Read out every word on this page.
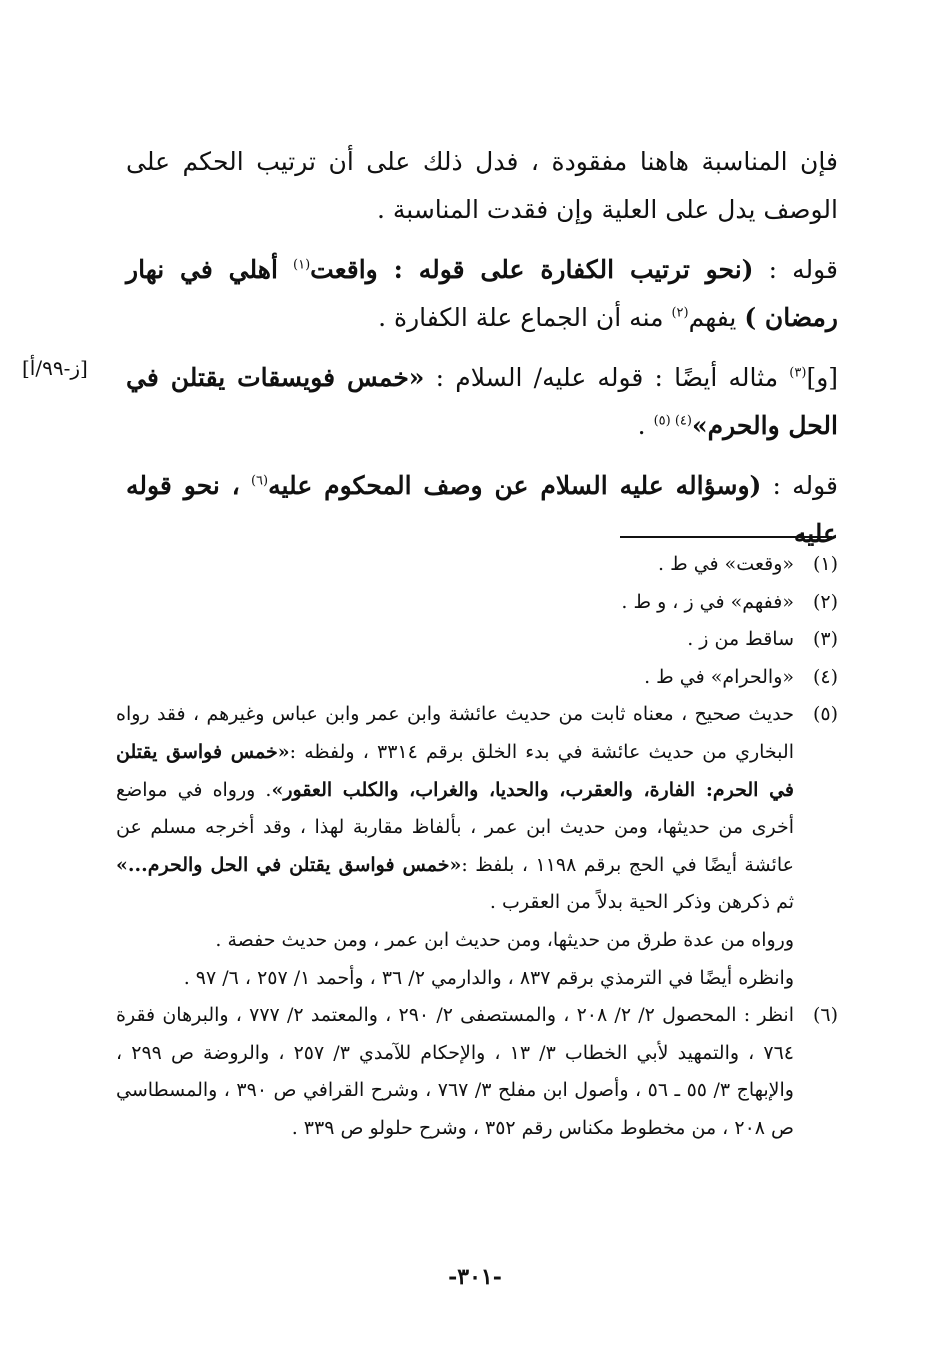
فإن المناسبة هاهنا مفقودة ، فدل ذلك على أن ترتيب الحكم على الوصف يدل على العلية وإن فقدت المناسبة .

قوله : (نحو ترتيب الكفارة على قوله : واقعت$^{(١)}$ أهلي في نهار رمضان ) يفهم$^{(٢)}$ منه أن الجماع علة الكفارة .

[و]$^{(٣)}$ مثاله أيضًا : قوله عليه/ السلام : «خمس فويسقات يقتلن في الحل والحرم»$^{(٤) (٥)}$ .

قوله : (وسؤاله عليه السلام عن وصف المحكوم عليه$^{(٦)}$ ، نحو قوله عليه

[ز-٩٩/أ]
(١)
«وقعت» في ط .
(٢)
«ففهم» في ز ، و ط .
(٣)
ساقط من ز .
(٤)
«والحرام» في ط .
(٥)
حديث صحيح ، معناه ثابت من حديث عائشة وابن عمر وابن عباس وغيرهم ، فقد رواه البخاري من حديث عائشة في بدء الخلق برقم ٣٣١٤ ، ولفظه :«خمس فواسق يقتلن في الحرم: الفارة، والعقرب، والحديا، والغراب، والكلب العقور». ورواه في مواضع أخرى من حديثها، ومن حديث ابن عمر ، بألفاظ مقاربة لهذا ، وقد أخرجه مسلم عن عائشة أيضًا في الحج برقم ١١٩٨ ، بلفظ :«خمس فواسق يقتلن في الحل والحرم...» ثم ذكرهن وذكر الحية بدلاً من العقرب .

ورواه من عدة طرق من حديثها، ومن حديث ابن عمر ، ومن حديث حفصة .

وانظره أيضًا في الترمذي برقم ٨٣٧ ، والدارمي ٢/ ٣٦ ، وأحمد ١/ ٢٥٧ ، ٦/ ٩٧ .

(٦)
انظر : المحصول ٢/ ٢/ ٢٠٨ ، والمستصفى ٢/ ٢٩٠ ، والمعتمد ٢/ ٧٧٧ ، والبرهان فقرة ٧٦٤ ، والتمهيد لأبي الخطاب ٣/ ١٣ ، والإحكام للآمدي ٣/ ٢٥٧ ، والروضة ص ٢٩٩ ، والإبهاج ٣/ ٥٥ ـ ٥٦ ، وأصول ابن مفلح ٣/ ٧٦٧ ، وشرح القرافي ص ٣٩٠ ، والمسطاسي ص ٢٠٨ ، من مخطوط مكناس رقم ٣٥٢ ، وشرح حلولو ص ٣٣٩ .
-٣٠١-
